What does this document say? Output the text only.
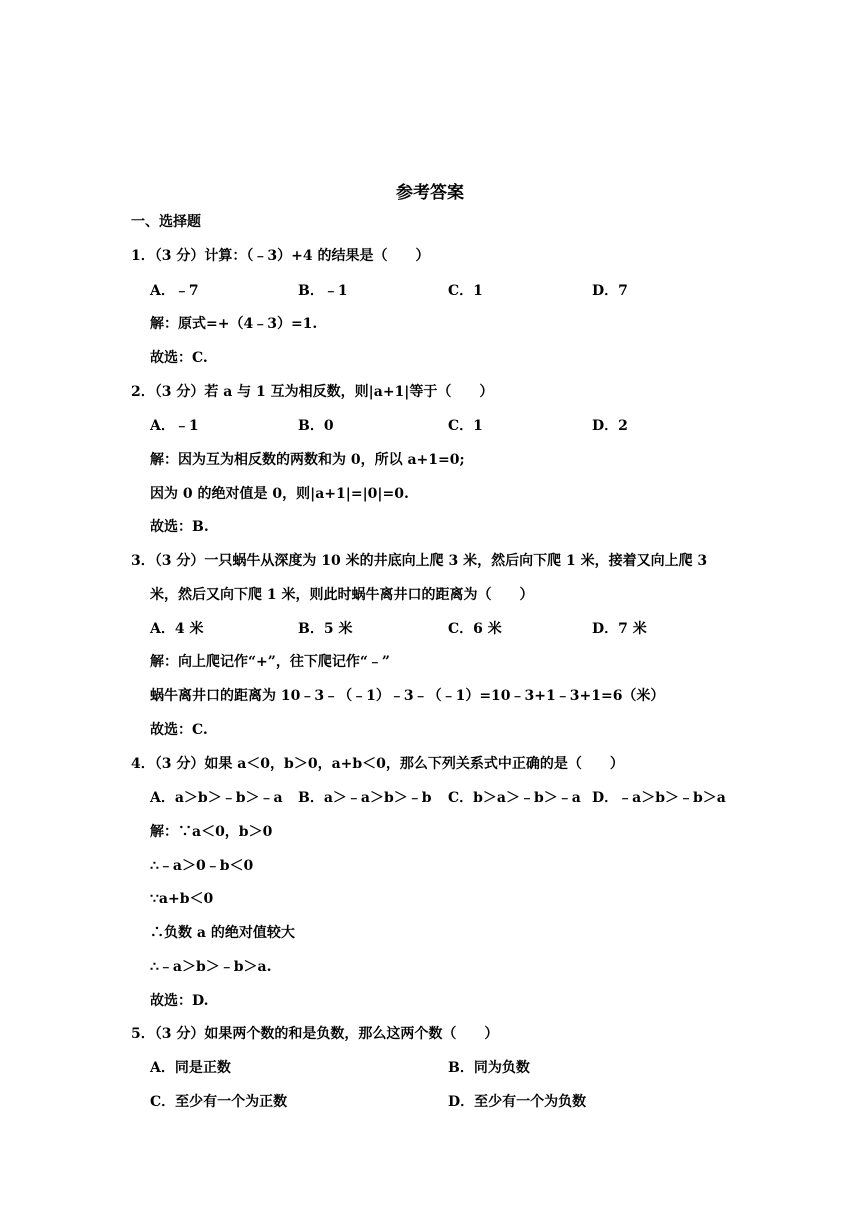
参考答案
一、选择题
1．（3 分）计算：（﹣3）+4 的结果是（　　）
A．﹣7	B．﹣1	C．1	D．7
解：原式=+（4﹣3）=1.
故选：C.
2．（3 分）若 a 与 1 互为相反数，则|a+1|等于（　　）
A．﹣1	B．0	C．1	D．2
解：因为互为相反数的两数和为 0，所以 a+1=0;
因为 0 的绝对值是 0，则|a+1|=|0|=0.
故选：B.
3．（3 分）一只蜗牛从深度为 10 米的井底向上爬 3 米，然后向下爬 1 米，接着又向上爬 3
米，然后又向下爬 1 米，则此时蜗牛离井口的距离为（　　）
A．4 米	B．5 米	C．6 米	D．7 米
解：向上爬记作“+”，往下爬记作“﹣”
蜗牛离井口的距离为 10﹣3﹣（﹣1）﹣3﹣（﹣1）=10﹣3+1﹣3+1=6（米）
故选：C.
4．（3 分）如果 a＜0，b＞0，a+b＜0，那么下列关系式中正确的是（　　）
A．a＞b＞﹣b＞﹣a B．a＞﹣a＞b＞﹣b C．b＞a＞﹣b＞﹣a D．﹣a＞b＞﹣b＞a
解：∵a＜0，b＞0
∴﹣a＞0﹣b＜0
∵a+b＜0
∴负数 a 的绝对值较大
∴﹣a＞b＞﹣b＞a.
故选：D.
5．（3 分）如果两个数的和是负数，那么这两个数（　　）
A．同是正数	B．同为负数
C．至少有一个为正数	D．至少有一个为负数
